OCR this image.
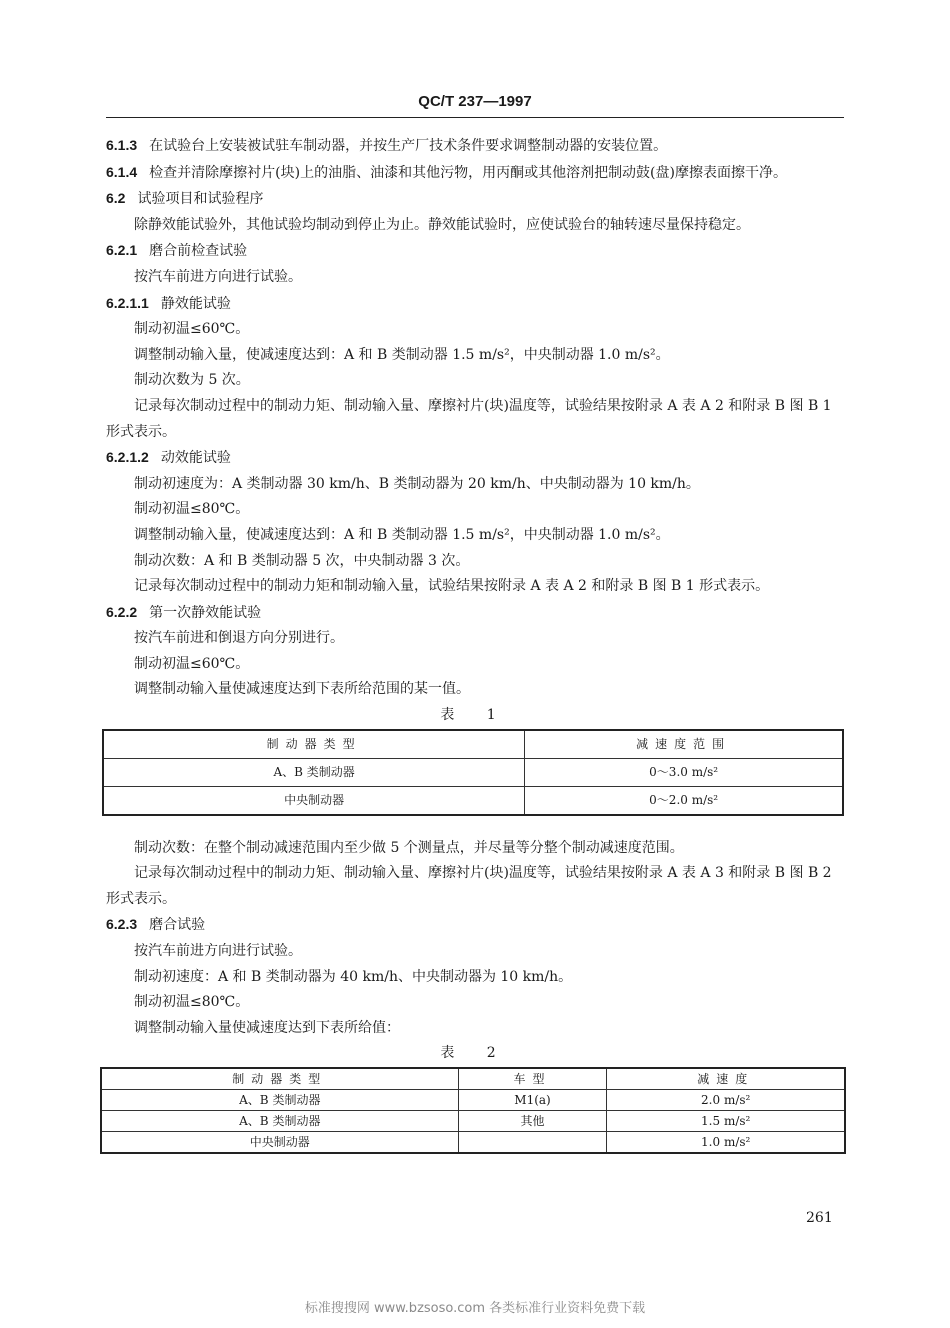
QC/T 237—1997

6.1.3 在试验台上安装被试驻车制动器，并按生产厂技术条件要求调整制动器的安装位置。

6.1.4 检查并清除摩擦衬片(块)上的油脂、油漆和其他污物，用丙酮或其他溶剂把制动鼓(盘)摩擦表面擦干净。

6.2 试验项目和试验程序

除静效能试验外，其他试验均制动到停止为止。静效能试验时，应使试验台的轴转速尽量保持稳定。

6.2.1 磨合前检查试验

按汽车前进方向进行试验。

6.2.1.1 静效能试验

制动初温≤60℃。

调整制动输入量，使减速度达到：A 和 B 类制动器 1.5 m/s²，中央制动器 1.0 m/s²。

制动次数为 5 次。

记录每次制动过程中的制动力矩、制动输入量、摩擦衬片(块)温度等，试验结果按附录 A 表 A 2 和附录 B 图 B 1 形式表示。

6.2.1.2 动效能试验

制动初速度为：A 类制动器 30 km/h、B 类制动器为 20 km/h、中央制动器为 10 km/h。

制动初温≤80℃。

调整制动输入量，使减速度达到：A 和 B 类制动器 1.5 m/s²，中央制动器 1.0 m/s²。

制动次数：A 和 B 类制动器 5 次，中央制动器 3 次。

记录每次制动过程中的制动力矩和制动输入量，试验结果按附录 A 表 A 2 和附录 B 图 B 1 形式表示。

6.2.2 第一次静效能试验

按汽车前进和倒退方向分别进行。

制动初温≤60℃。

调整制动输入量使减速度达到下表所给范围的某一值。

表 1

制动器类型	减速度范围
A、B 类制动器	0～3.0 m/s²
中央制动器	0～2.0 m/s²

制动次数：在整个制动减速范围内至少做 5 个测量点，并尽量等分整个制动减速度范围。

记录每次制动过程中的制动力矩、制动输入量、摩擦衬片(块)温度等，试验结果按附录 A 表 A 3 和附录 B 图 B 2 形式表示。

6.2.3 磨合试验

按汽车前进方向进行试验。

制动初速度：A 和 B 类制动器为 40 km/h、中央制动器为 10 km/h。

制动初温≤80℃。

调整制动输入量使减速度达到下表所给值：

表 2

制动器类型	车型	减速度
A、B 类制动器	M1(a)	2.0 m/s²
A、B 类制动器	其他	1.5 m/s²
中央制动器		1.0 m/s²
261
标准搜搜网 www.bzsoso.com 各类标准行业资料免费下载
